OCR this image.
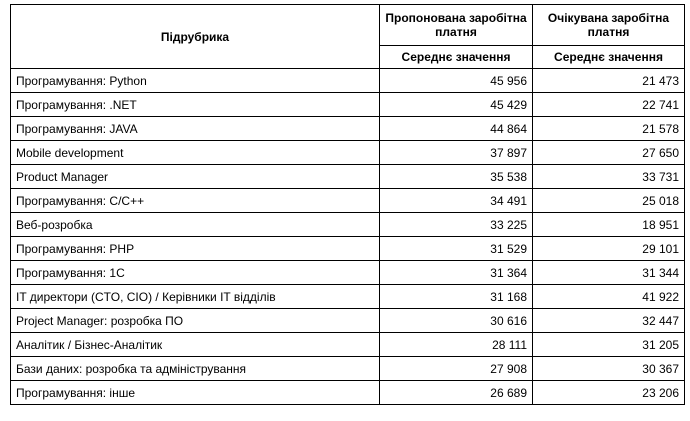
Підрубрика	Пропонована заробітна платня	Очікувана заробітна платня
	Середнє значення	Середнє значення
Програмування: Python	45 956	21 473
Програмування: .NET	45 429	22 741
Програмування: JAVA	44 864	21 578
Mobile development	37 897	27 650
Product Manager	35 538	33 731
Програмування: C/C++	34 491	25 018
Веб-розробка	33 225	18 951
Програмування: PHP	31 529	29 101
Програмування: 1С	31 364	31 344
IT директори (CTO, CIO) / Керівники IT відділів	31 168	41 922
Project Manager: розробка ПО	30 616	32 447
Аналітик / Бізнес-Аналітик	28 111	31 205
Бази даних: розробка та адміністрування	27 908	30 367
Програмування: інше	26 689	23 206
